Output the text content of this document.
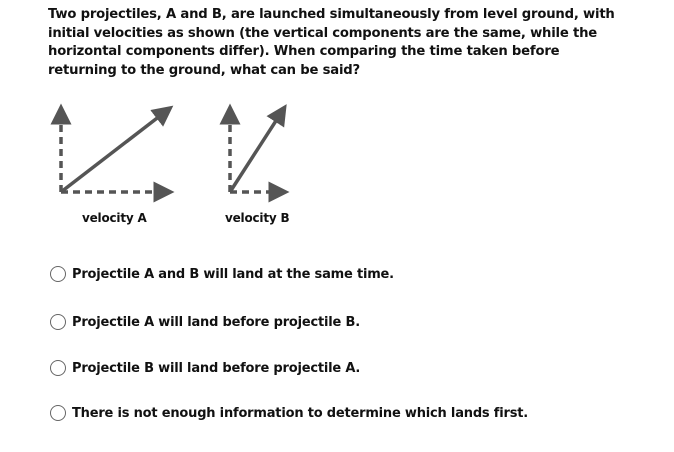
Two projectiles, A and B, are launched simultaneously from level ground, with initial velocities as shown (the vertical components are the same, while the horizontal components differ). When comparing the time taken before returning to the ground, what can be said?
velocity A	velocity B
Projectile A and B will land at the same time.
Projectile A will land before projectile B.
Projectile B will land before projectile A.
There is not enough information to determine which lands first.
